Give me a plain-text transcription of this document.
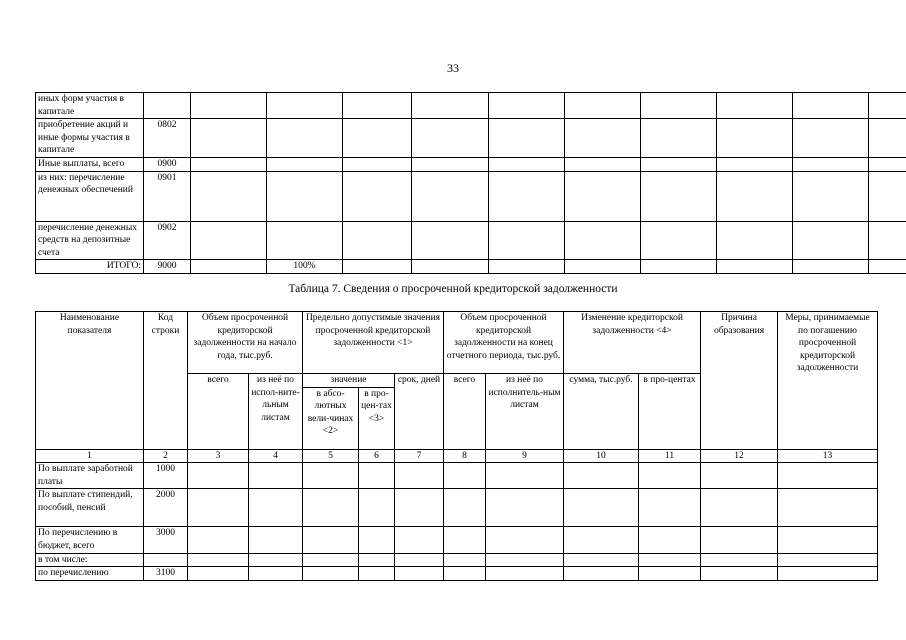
33
иных форм участия в капитале											
приобретение акций и иные формы участия в капитале	0802										
Иные выплаты, всего	0900										
из них: перечисление денежных обеспечений	0901										
перечисление денежных средств на депозитные счета	0902										
ИТОГО:	9000		100%								
Таблица 7. Сведения о просроченной кредиторской задолженности
Наименование показателя	Код строки	Объем просроченной кредиторской задолженности на начало года, тыс.руб.		Предельно допустимые значения просроченной кредиторской задолженности <1>			Объем просроченной кредиторской задолженности на конец отчетного периода, тыс.руб.		Изменение кредиторской задолженности <4>		Причина образования	Меры, принимаемые по погашению просроченной кредиторской задолженности
		всего	из неё по испол-ните-льным листам	значение		срок, дней	всего	из неё по исполнитель-ным листам	сумма, тыс.руб.	в про-центах		
				в абсо-лютных вели-чинах <2>	в про-цен-тах <3>							
1	2	3	4	5	6	7	8	9	10	11	12	13
По выплате заработной платы	1000											
По выплате стипендий, пособий, пенсий	2000											
По перечислению в бюджет, всего	3000											
в том числе:												
по перечислению	3100											
